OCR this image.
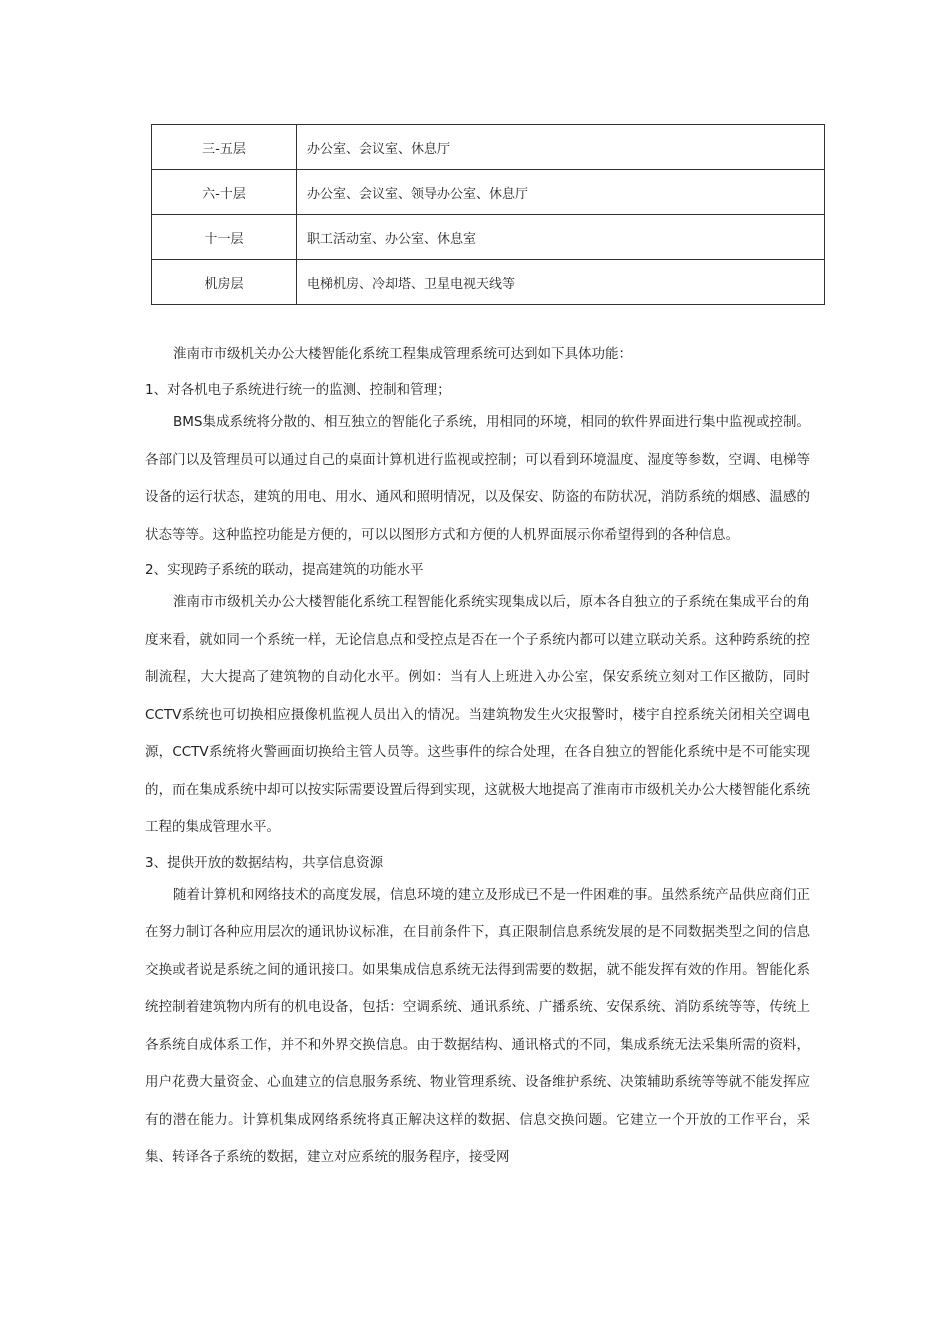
三-五层	办公室、会议室、休息厅
六-十层	办公室、会议室、领导办公室、休息厅
十一层	职工活动室、办公室、休息室
机房层	电梯机房、冷却塔、卫星电视天线等

淮南市市级机关办公大楼智能化系统工程集成管理系统可达到如下具体功能：

1、对各机电子系统进行统一的监测、控制和管理；

BMS集成系统将分散的、相互独立的智能化子系统，用相同的环境，相同的软件界面进行集中监视或控制。各部门以及管理员可以通过自己的桌面计算机进行监视或控制；可以看到环境温度、湿度等参数，空调、电梯等设备的运行状态，建筑的用电、用水、通风和照明情况，以及保安、防盗的布防状况，消防系统的烟感、温感的状态等等。这种监控功能是方便的，可以以图形方式和方便的人机界面展示你希望得到的各种信息。

2、实现跨子系统的联动，提高建筑的功能水平

淮南市市级机关办公大楼智能化系统工程智能化系统实现集成以后，原本各自独立的子系统在集成平台的角度来看，就如同一个系统一样，无论信息点和受控点是否在一个子系统内都可以建立联动关系。这种跨系统的控制流程，大大提高了建筑物的自动化水平。例如：当有人上班进入办公室，保安系统立刻对工作区撤防，同时CCTV系统也可切换相应摄像机监视人员出入的情况。当建筑物发生火灾报警时，楼宇自控系统关闭相关空调电源，CCTV系统将火警画面切换给主管人员等。这些事件的综合处理，在各自独立的智能化系统中是不可能实现的，而在集成系统中却可以按实际需要设置后得到实现，这就极大地提高了淮南市市级机关办公大楼智能化系统工程的集成管理水平。

3、提供开放的数据结构，共享信息资源

随着计算机和网络技术的高度发展，信息环境的建立及形成已不是一件困难的事。虽然系统产品供应商们正在努力制订各种应用层次的通讯协议标准，在目前条件下，真正限制信息系统发展的是不同数据类型之间的信息交换或者说是系统之间的通讯接口。如果集成信息系统无法得到需要的数据，就不能发挥有效的作用。智能化系统控制着建筑物内所有的机电设备，包括：空调系统、通讯系统、广播系统、安保系统、消防系统等等，传统上各系统自成体系工作，并不和外界交换信息。由于数据结构、通讯格式的不同，集成系统无法采集所需的资料，用户花费大量资金、心血建立的信息服务系统、物业管理系统、设备维护系统、决策辅助系统等等就不能发挥应有的潜在能力。计算机集成网络系统将真正解决这样的数据、信息交换问题。它建立一个开放的工作平台，采集、转译各子系统的数据，建立对应系统的服务程序，接受网
